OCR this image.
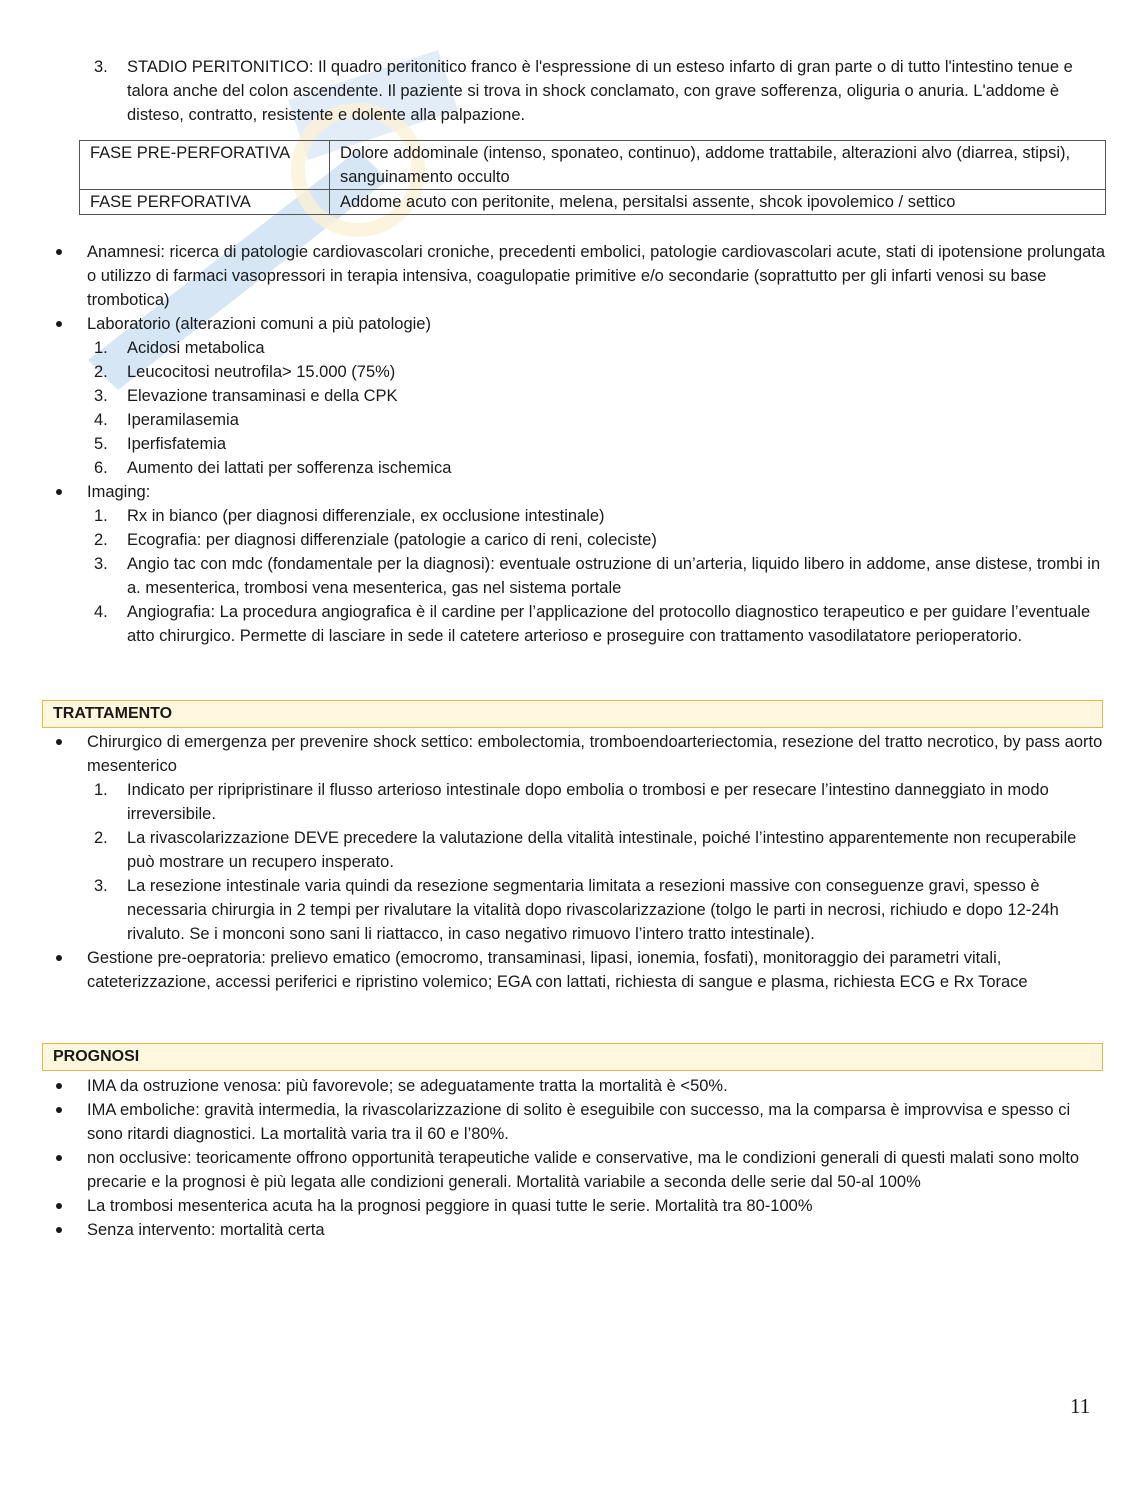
3. STADIO PERITONITICO: Il quadro peritonitico franco è l'espressione di un esteso infarto di gran parte o di tutto l'intestino tenue e talora anche del colon ascendente. Il paziente si trova in shock conclamato, con grave sofferenza, oliguria o anuria. L'addome è disteso, contratto, resistente e dolente alla palpazione.
FASE PRE-PERFORATIVA	Dolore addominale (intenso, sponateo, continuo), addome trattabile, alterazioni alvo (diarrea, stipsi), sanguinamento occulto
FASE PERFORATIVA	Addome acuto con peritonite, melena, persitalsi assente, shcok ipovolemico / settico
Anamnesi: ricerca di patologie cardiovascolari croniche, precedenti embolici, patologie cardiovascolari acute, stati di ipotensione prolungata o utilizzo di farmaci vasopressori in terapia intensiva, coagulopatie primitive e/o secondarie (soprattutto per gli infarti venosi su base trombotica)
Laboratorio (alterazioni comuni a più patologie)
1. Acidosi metabolica
2. Leucocitosi neutrofila> 15.000 (75%)
3. Elevazione transaminasi e della CPK
4. Iperamilasemia
5. Iperfisfatemia
6. Aumento dei lattati per sofferenza ischemica
Imaging:
1. Rx in bianco (per diagnosi differenziale, ex occlusione intestinale)
2. Ecografia: per diagnosi differenziale (patologie a carico di reni, coleciste)
3. Angio tac con mdc (fondamentale per la diagnosi): eventuale ostruzione di un’arteria, liquido libero in addome, anse distese, trombi in a. mesenterica, trombosi vena mesenterica, gas nel sistema portale
4. Angiografia: La procedura angiografica è il cardine per l’applicazione del protocollo diagnostico terapeutico e per guidare l’eventuale atto chirurgico. Permette di lasciare in sede il catetere arterioso e proseguire con trattamento vasodilatatore perioperatorio.
TRATTAMENTO
Chirurgico di emergenza per prevenire shock settico: embolectomia, tromboendoarteriectomia, resezione del tratto necrotico, by pass aorto mesenterico
1. Indicato per ripripristinare il flusso arterioso intestinale dopo embolia o trombosi e per resecare l’intestino danneggiato in modo irreversibile.
2. La rivascolarizzazione DEVE precedere la valutazione della vitalità intestinale, poiché l’intestino apparentemente non recuperabile può mostrare un recupero insperato.
3. La resezione intestinale varia quindi da resezione segmentaria limitata a resezioni massive con conseguenze gravi, spesso è necessaria chirurgia in 2 tempi per rivalutare la vitalità dopo rivascolarizzazione (tolgo le parti in necrosi, richiudo e dopo 12-24h rivaluto. Se i monconi sono sani li riattacco, in caso negativo rimuovo l’intero tratto intestinale).
Gestione pre-oepratoria: prelievo ematico (emocromo, transaminasi, lipasi, ionemia, fosfati), monitoraggio dei parametri vitali, cateterizzazione, accessi periferici e ripristino volemico; EGA con lattati, richiesta di sangue e plasma, richiesta ECG e Rx Torace
PROGNOSI
IMA da ostruzione venosa: più favorevole; se adeguatamente tratta la mortalità è <50%.
IMA emboliche: gravità intermedia, la rivascolarizzazione di solito è eseguibile con successo, ma la comparsa è improvvisa e spesso ci sono ritardi diagnostici. La mortalità varia tra il 60 e l’80%.
non occlusive: teoricamente offrono opportunità terapeutiche valide e conservative, ma le condizioni generali di questi malati sono molto precarie e la prognosi è più legata alle condizioni generali. Mortalità variabile a seconda delle serie dal 50-al 100%
La trombosi mesenterica acuta ha la prognosi peggiore in quasi tutte le serie. Mortalità tra 80-100%
Senza intervento: mortalità certa
11
